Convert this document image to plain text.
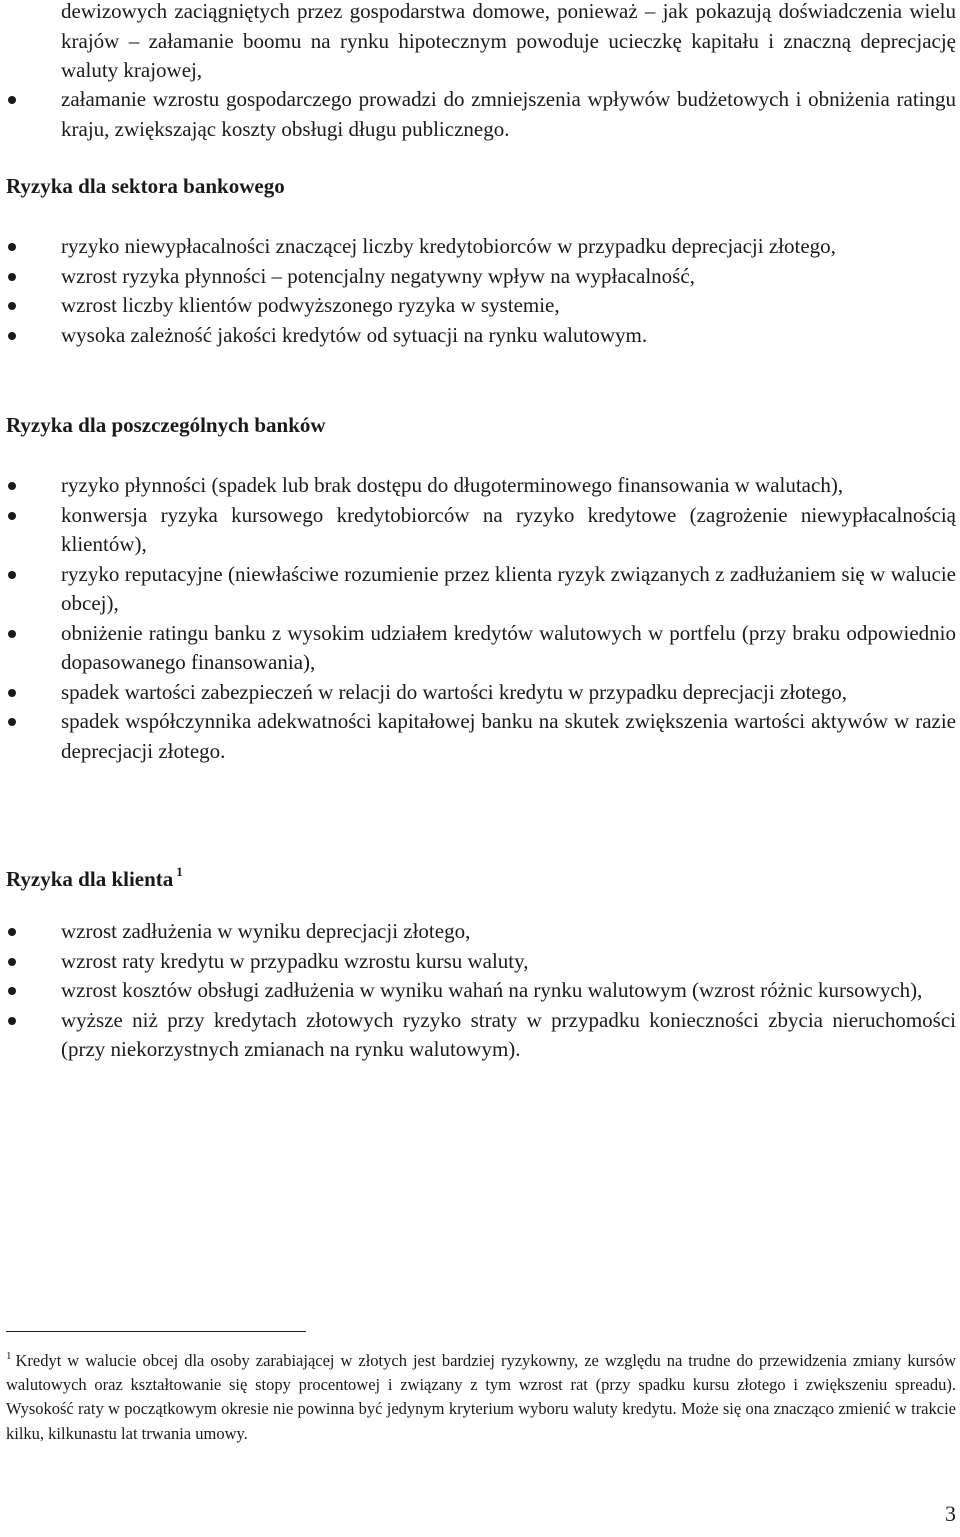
dewizowych zaciągniętych przez gospodarstwa domowe, ponieważ – jak pokazują doświadczenia wielu krajów – załamanie boomu na rynku hipotecznym powoduje ucieczkę kapitału i znaczną deprecjację waluty krajowej,
załamanie wzrostu gospodarczego prowadzi do zmniejszenia wpływów budżetowych i obniżenia ratingu kraju, zwiększając koszty obsługi długu publicznego.
Ryzyka dla sektora bankowego
ryzyko niewypłacalności znaczącej liczby kredytobiorców w przypadku deprecjacji złotego,
wzrost ryzyka płynności – potencjalny negatywny wpływ na wypłacalność,
wzrost liczby klientów podwyższonego ryzyka w systemie,
wysoka zależność jakości kredytów od sytuacji na rynku walutowym.
Ryzyka dla poszczególnych banków
ryzyko płynności (spadek lub brak dostępu do długoterminowego finansowania w walutach),
konwersja ryzyka kursowego kredytobiorców na ryzyko kredytowe (zagrożenie niewypłacalnością klientów),
ryzyko reputacyjne (niewłaściwe rozumienie przez klienta ryzyk związanych z zadłużaniem się w walucie obcej),
obniżenie ratingu banku z wysokim udziałem kredytów walutowych w portfelu (przy braku odpowiednio dopasowanego finansowania),
spadek wartości zabezpieczeń w relacji do wartości kredytu w przypadku deprecjacji złotego,
spadek współczynnika adekwatności kapitałowej banku na skutek zwiększenia wartości aktywów w razie deprecjacji złotego.
Ryzyka dla klienta $^1$
wzrost zadłużenia w wyniku deprecjacji złotego,
wzrost raty kredytu w przypadku wzrostu kursu waluty,
wzrost kosztów obsługi zadłużenia w wyniku wahań na rynku walutowym (wzrost różnic kursowych),
wyższe niż przy kredytach złotowych ryzyko straty w przypadku konieczności zbycia nieruchomości (przy niekorzystnych zmianach na rynku walutowym).
$^1$ Kredyt w walucie obcej dla osoby zarabiającej w złotych jest bardziej ryzykowny, ze względu na trudne do przewidzenia zmiany kursów walutowych oraz kształtowanie się stopy procentowej i związany z tym wzrost rat (przy spadku kursu złotego i zwiększeniu spreadu). Wysokość raty w początkowym okresie nie powinna być jedynym kryterium wyboru waluty kredytu. Może się ona znacząco zmienić w trakcie kilku, kilkunastu lat trwania umowy.
3
